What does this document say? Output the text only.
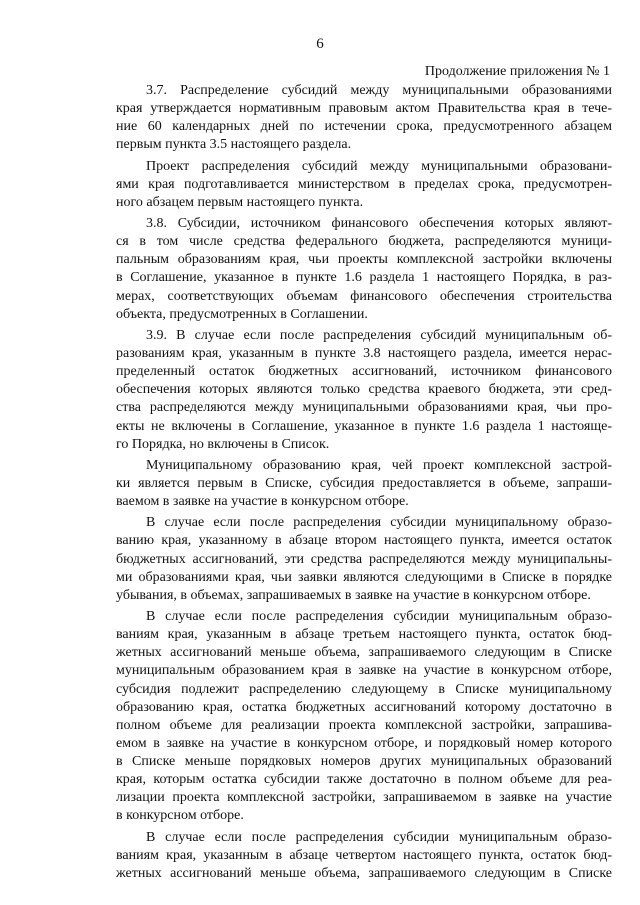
6
Продолжение приложения № 1
3.7. Распределение субсидий между муниципальными образованиями
края утверждается нормативным правовым актом Правительства края в тече-
ние 60 календарных дней по истечении срока, предусмотренного абзацем
первым пункта 3.5 настоящего раздела.
Проект распределения субсидий между муниципальными образовани-
ями края подготавливается министерством в пределах срока, предусмотрен-
ного абзацем первым настоящего пункта.
3.8. Субсидии, источником финансового обеспечения которых являют-
ся в том числе средства федерального бюджета, распределяются муници-
пальным образованиям края, чьи проекты комплексной застройки включены
в Соглашение, указанное в пункте 1.6 раздела 1 настоящего Порядка, в раз-
мерах, соответствующих объемам финансового обеспечения строительства
объекта, предусмотренных в Соглашении.
3.9. В случае если после распределения субсидий муниципальным об-
разованиям края, указанным в пункте 3.8 настоящего раздела, имеется нерас-
пределенный остаток бюджетных ассигнований, источником финансового
обеспечения которых являются только средства краевого бюджета, эти сред-
ства распределяются между муниципальными образованиями края, чьи про-
екты не включены в Соглашение, указанное в пункте 1.6 раздела 1 настояще-
го Порядка, но включены в Список.
Муниципальному образованию края, чей проект комплексной застрой-
ки является первым в Списке, субсидия предоставляется в объеме, запраши-
ваемом в заявке на участие в конкурсном отборе.
В случае если после распределения субсидии муниципальному образо-
ванию края, указанному в абзаце втором настоящего пункта, имеется остаток
бюджетных ассигнований, эти средства распределяются между муниципальны-
ми образованиями края, чьи заявки являются следующими в Списке в порядке
убывания, в объемах, запрашиваемых в заявке на участие в конкурсном отборе.
В случае если после распределения субсидии муниципальным образо-
ваниям края, указанным в абзаце третьем настоящего пункта, остаток бюд-
жетных ассигнований меньше объема, запрашиваемого следующим в Списке
муниципальным образованием края в заявке на участие в конкурсном отборе,
субсидия подлежит распределению следующему в Списке муниципальному
образованию края, остатка бюджетных ассигнований которому достаточно в
полном объеме для реализации проекта комплексной застройки, запрашива-
емом в заявке на участие в конкурсном отборе, и порядковый номер которого
в Списке меньше порядковых номеров других муниципальных образований
края, которым остатка субсидии также достаточно в полном объеме для реа-
лизации проекта комплексной застройки, запрашиваемом в заявке на участие
в конкурсном отборе.
В случае если после распределения субсидии муниципальным образо-
ваниям края, указанным в абзаце четвертом настоящего пункта, остаток бюд-
жетных ассигнований меньше объема, запрашиваемого следующим в Списке
